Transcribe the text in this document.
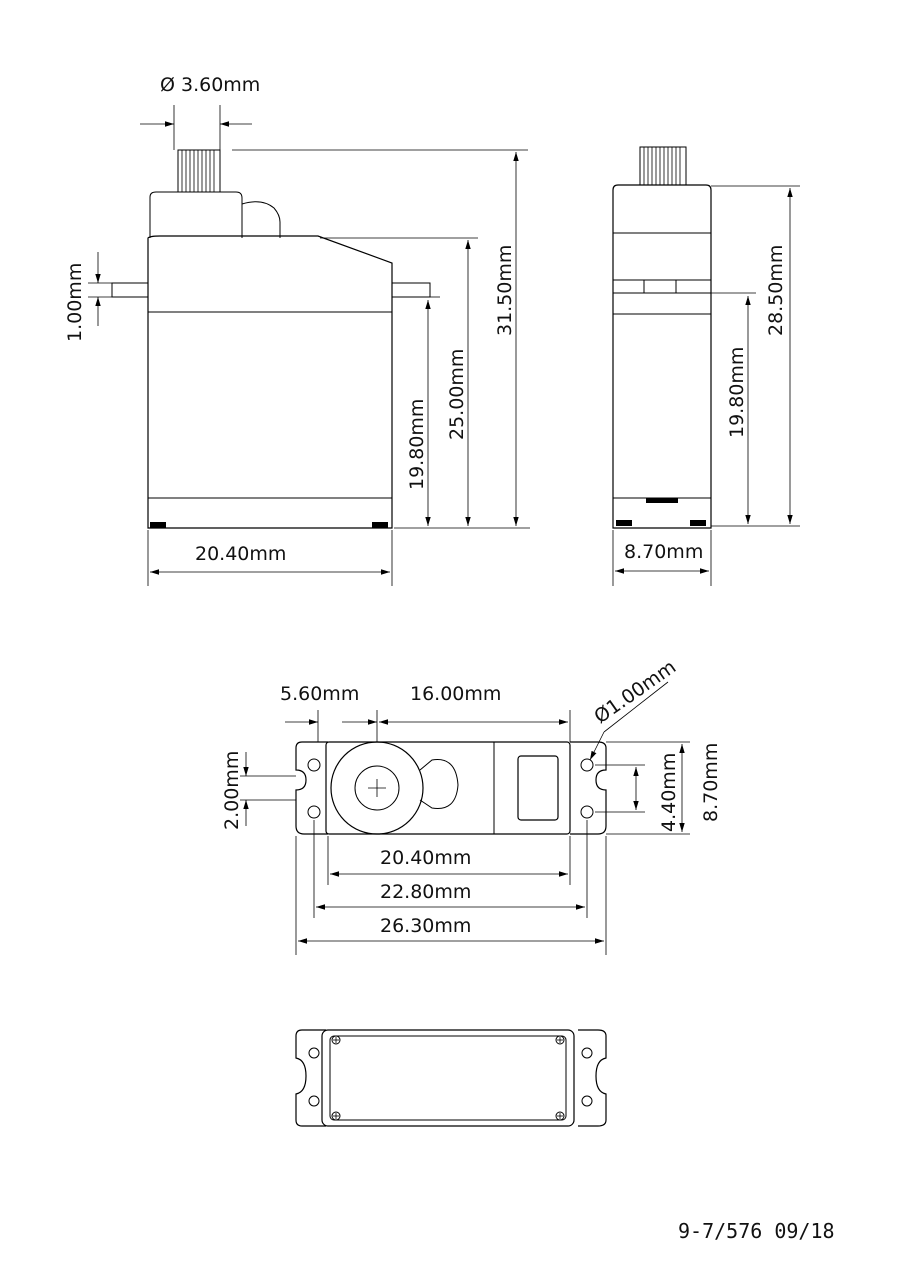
Ø 3.60mm
1.00mm
19.80mm
25.00mm
31.50mm
20.40mm
19.80mm
28.50mm
8.70mm
5.60mm	16.00mm	Ø1.00mm
2.00mm	4.40mm 8.70mm
20.40mm
22.80mm
26.30mm
9-7/576 09/18
